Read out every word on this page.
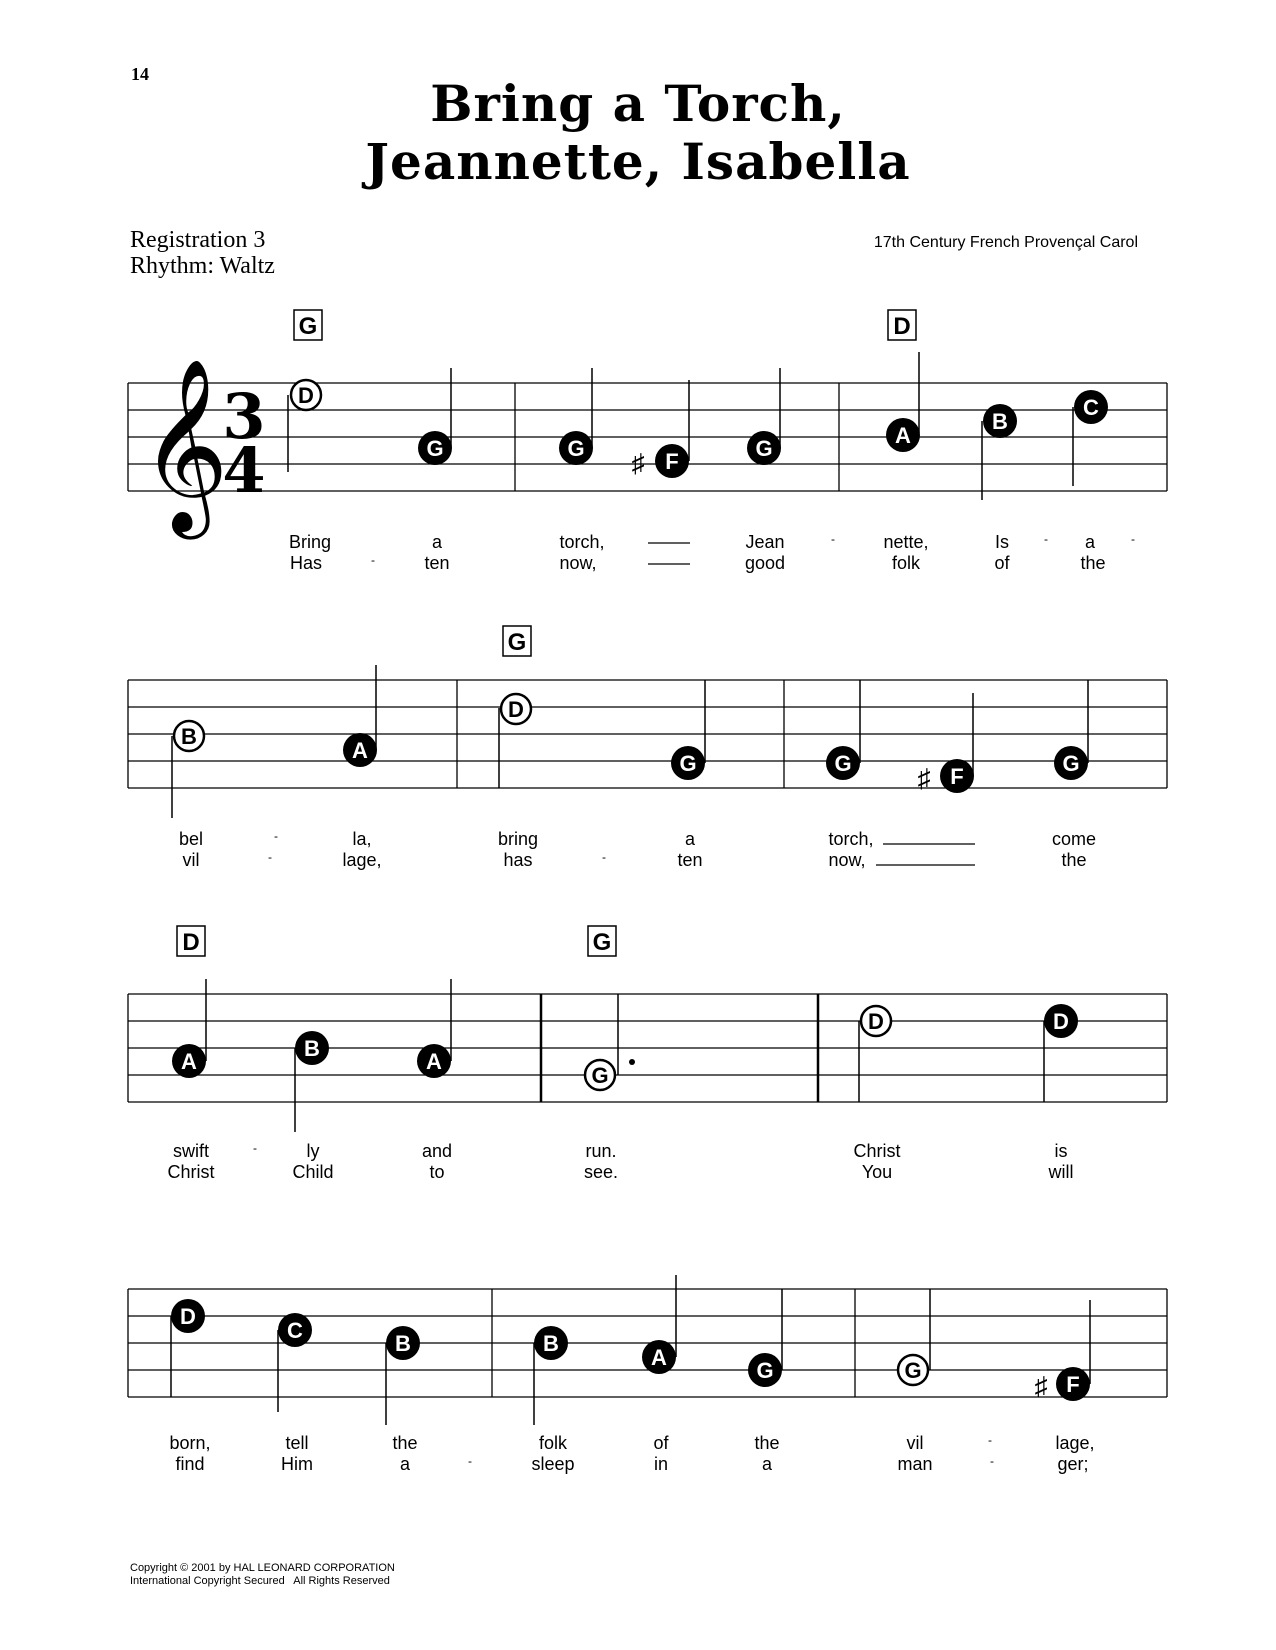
14	Bring a Torch,
Jeannette, Isabella
Registration 3
Rhythm: Waltz
17th Century French Provençal Carol
𝄞
3
4
G	D
D
G	G ♯ F
G
A
B
C
Bring	a	torch,	Jean	-	nette,	Is	- a	-
Has	-	ten	now,	good	folk	of	the
G
B
A
D
G	G	♯ F
G
bel	-	la,	bring	a	torch,	come
vil	-	lage,	has	-	ten	now,	the
D	G
A
B
A
G
D	D
swift	-	ly	and	run.	Christ	is
Christ	Child	to	see.	You	will
D
C
B	B
A
G	G
♯ F
born,	tell	the	folk	of	the	vil	-	lage,
find	Him	a	-	sleep	in	a	man	-	ger;
Copyright © 2001 by HAL LEONARD CORPORATION
International Copyright Secured   All Rights Reserved
